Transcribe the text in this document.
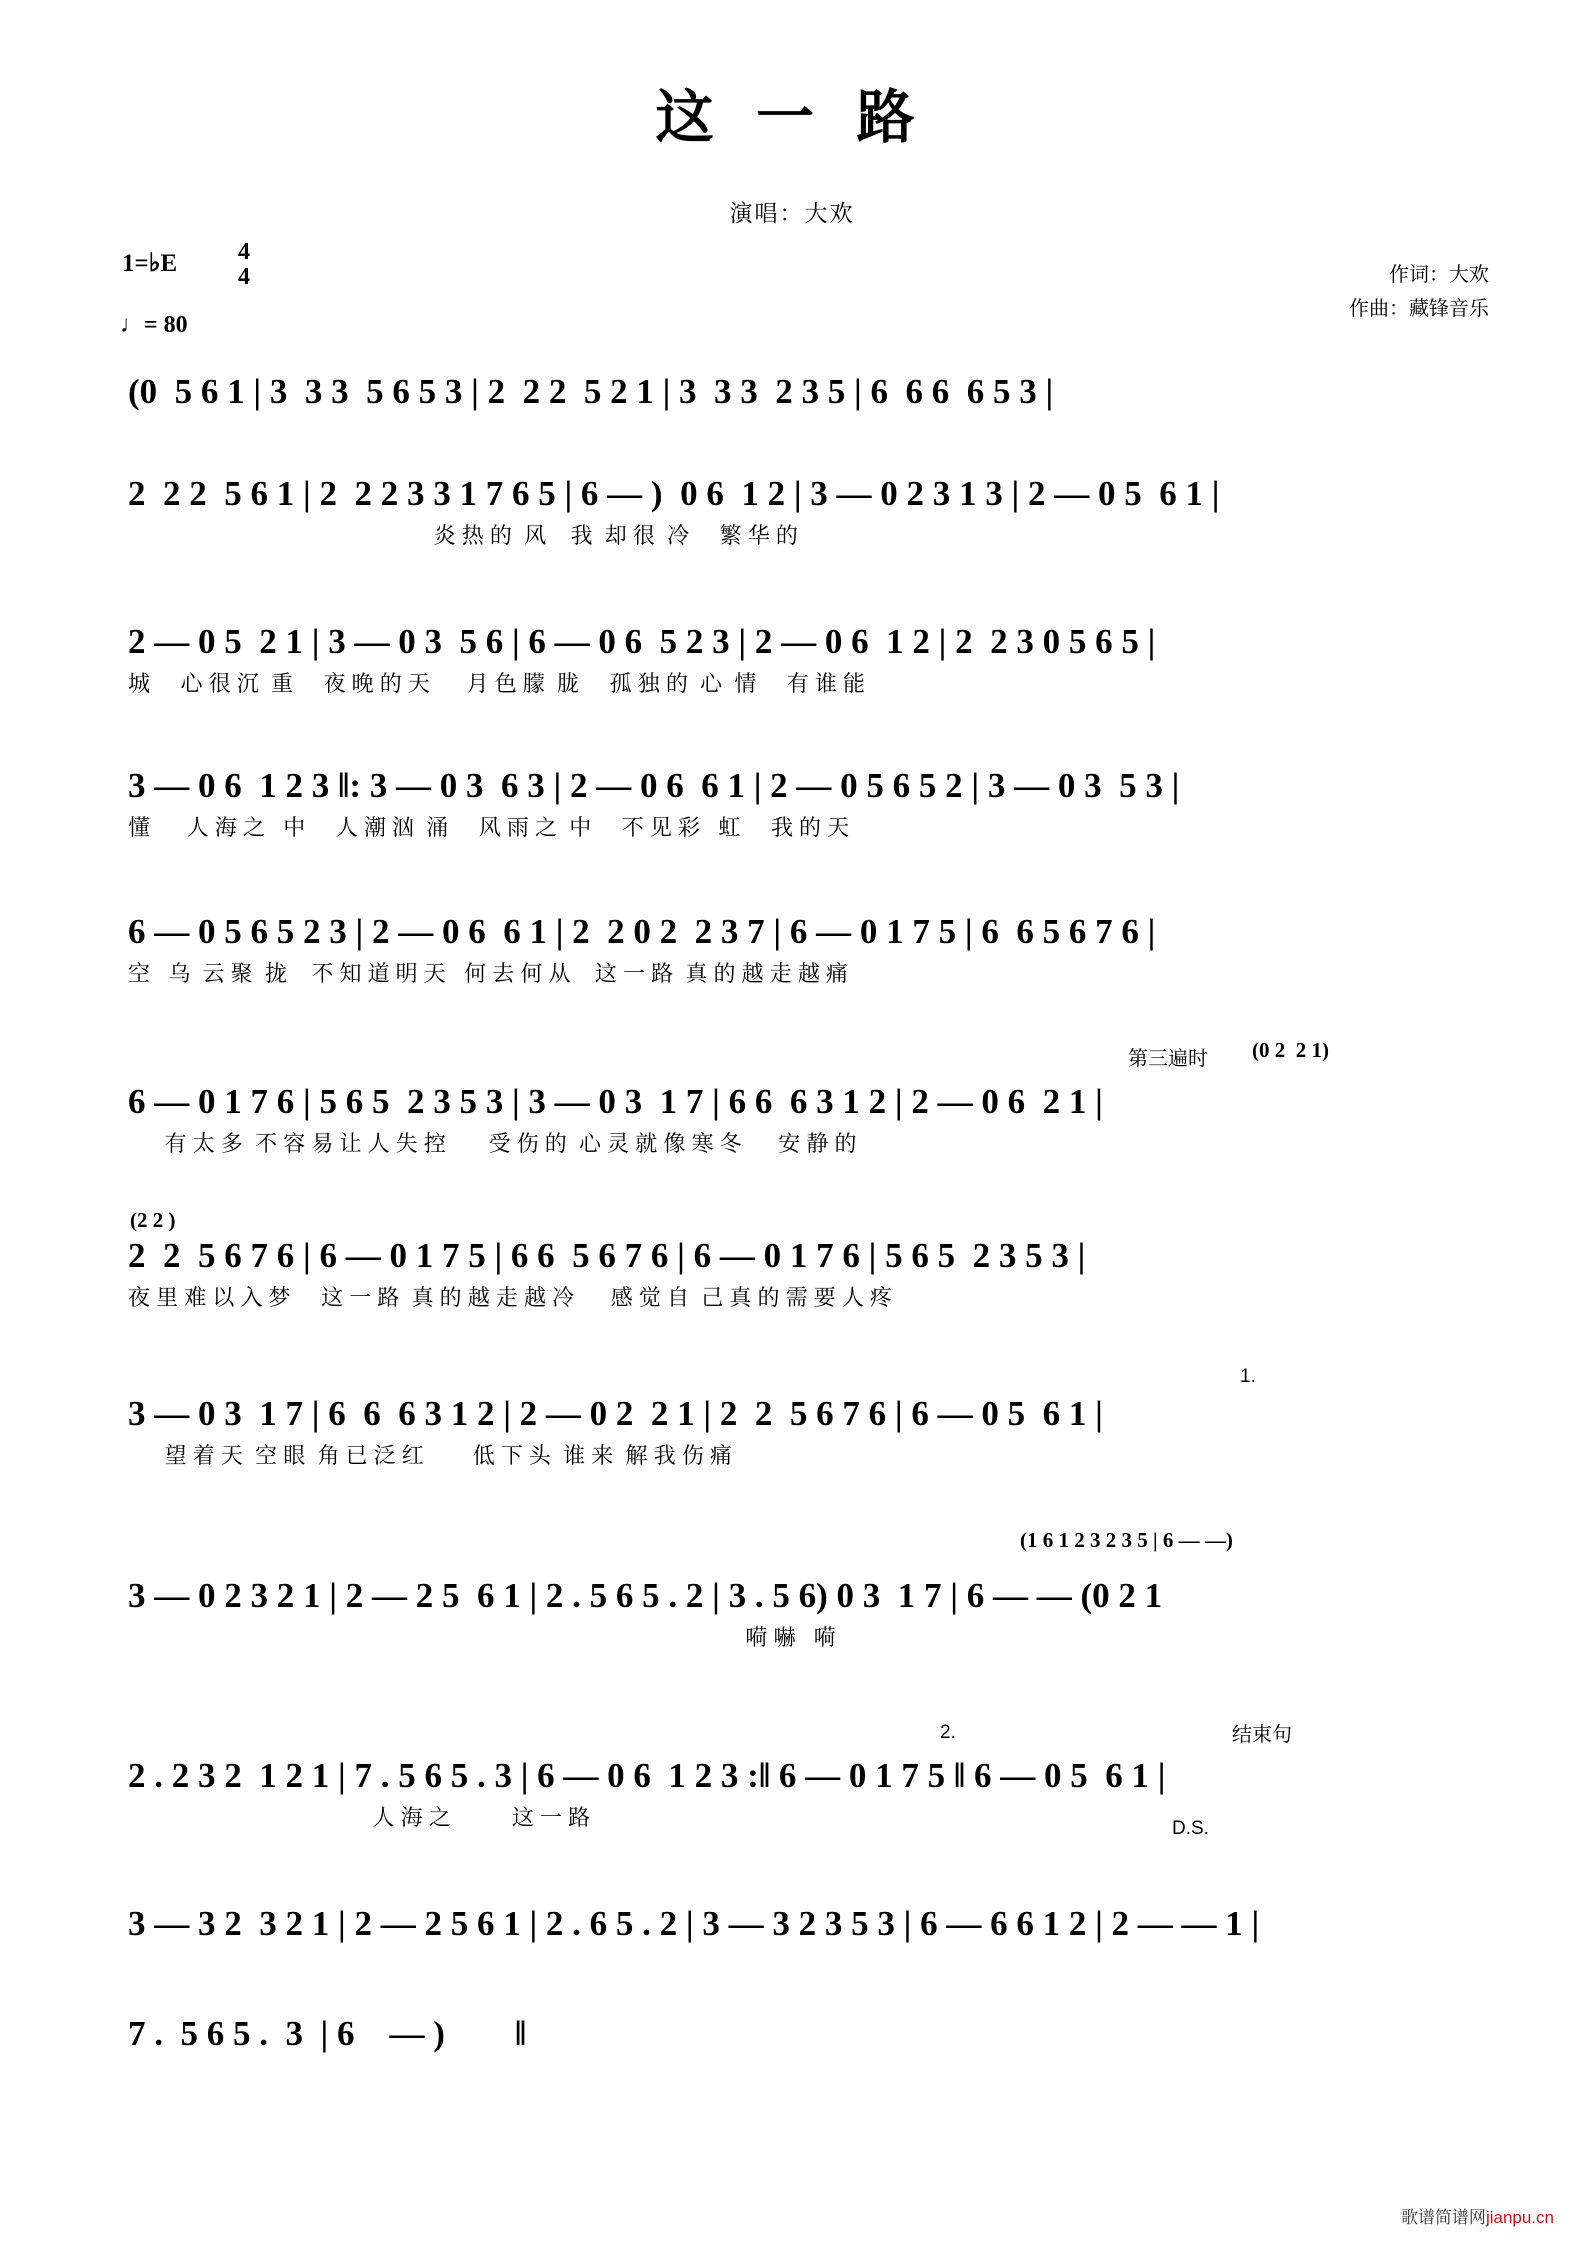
这 一 路
演唱：大欢
作词：大欢
作曲：藏锋音乐
1=♭E	4
4
♩= 80
(0  5 6 1 | 3  3 3  5 6 5 3 | 2  2 2  5 2 1 | 3  3 3  2 3 5 | 6  6 6  6 5 3 |
2  2 2  5 6 1 | 2  2 2 3 3 1 7 6 5 | 6 — )  0 6  1 2 | 3 — 0 2 3 1 3 | 2 — 0 5  6 1 |
炎 热 的  风    我  却 很  冷     繁 华 的
2 — 0 5  2 1 | 3 — 0 3  5 6 | 6 — 0 6  5 2 3 | 2 — 0 6  1 2 | 2  2 3 0 5 6 5 |
城     心 很 沉  重     夜 晚 的 天      月 色 朦  胧     孤 独 的  心  情     有 谁 能
3 — 0 6  1 2 3 ‖: 3 — 0 3  6 3 | 2 — 0 6  6 1 | 2 — 0 5 6 5 2 | 3 — 0 3  5 3 |
懂      人 海 之   中     人 潮 汹  涌     风 雨 之  中     不 见 彩   虹     我 的 天
6 — 0 5 6 5 2 3 | 2 — 0 6  6 1 | 2  2 0 2  2 3 7 | 6 — 0 1 7 5 | 6  6 5 6 7 6 |
空   乌  云 聚  拢    不 知 道 明 天   何 去 何 从    这 一 路  真 的 越 走 越 痛
第三遍时 (0 2  2 1)
6 — 0 1 7 6 | 5 6 5  2 3 5 3 | 3 — 0 3  1 7 | 6 6  6 3 1 2 | 2 — 0 6  2 1 |
有 太 多  不 容 易 让 人 失 控       受 伤 的  心 灵 就 像 寒 冬      安 静 的
(2 2 )
2  2  5 6 7 6 | 6 — 0 1 7 5 | 6 6  5 6 7 6 | 6 — 0 1 7 6 | 5 6 5  2 3 5 3 |
夜 里 难 以 入 梦     这 一 路  真 的 越 走 越 冷      感 觉 自  己 真 的 需 要 人 疼
1.
3 — 0 3  1 7 | 6  6  6 3 1 2 | 2 — 0 2  2 1 | 2  2  5 6 7 6 | 6 — 0 5  6 1 |
望 着 天  空 眼  角 已 泛 红        低 下 头  谁 来  解 我 伤 痛
(1 6 1 2 3 2 3 5 | 6 — —)
3 — 0 2 3 2 1 | 2 — 2 5  6 1 | 2 . 5 6 5 . 2 | 3 . 5 6) 0 3  1 7 | 6 — — (0 2 1
嗬 嚇   嗬
2.	结束句
2 . 2 3 2  1 2 1 | 7 . 5 6 5 . 3 | 6 — 0 6  1 2 3 :‖ 6 — 0 1 7 5 ‖ 6 — 0 5  6 1 |
人 海 之          这 一 路	D.S.
3 — 3 2  3 2 1 | 2 — 2 5 6 1 | 2 . 6 5 . 2 | 3 — 3 2 3 5 3 | 6 — 6 6 1 2 | 2 — — 1 |
7 .  5 6 5 .  3  | 6    — )        ‖
歌谱简谱网jianpu.cn
